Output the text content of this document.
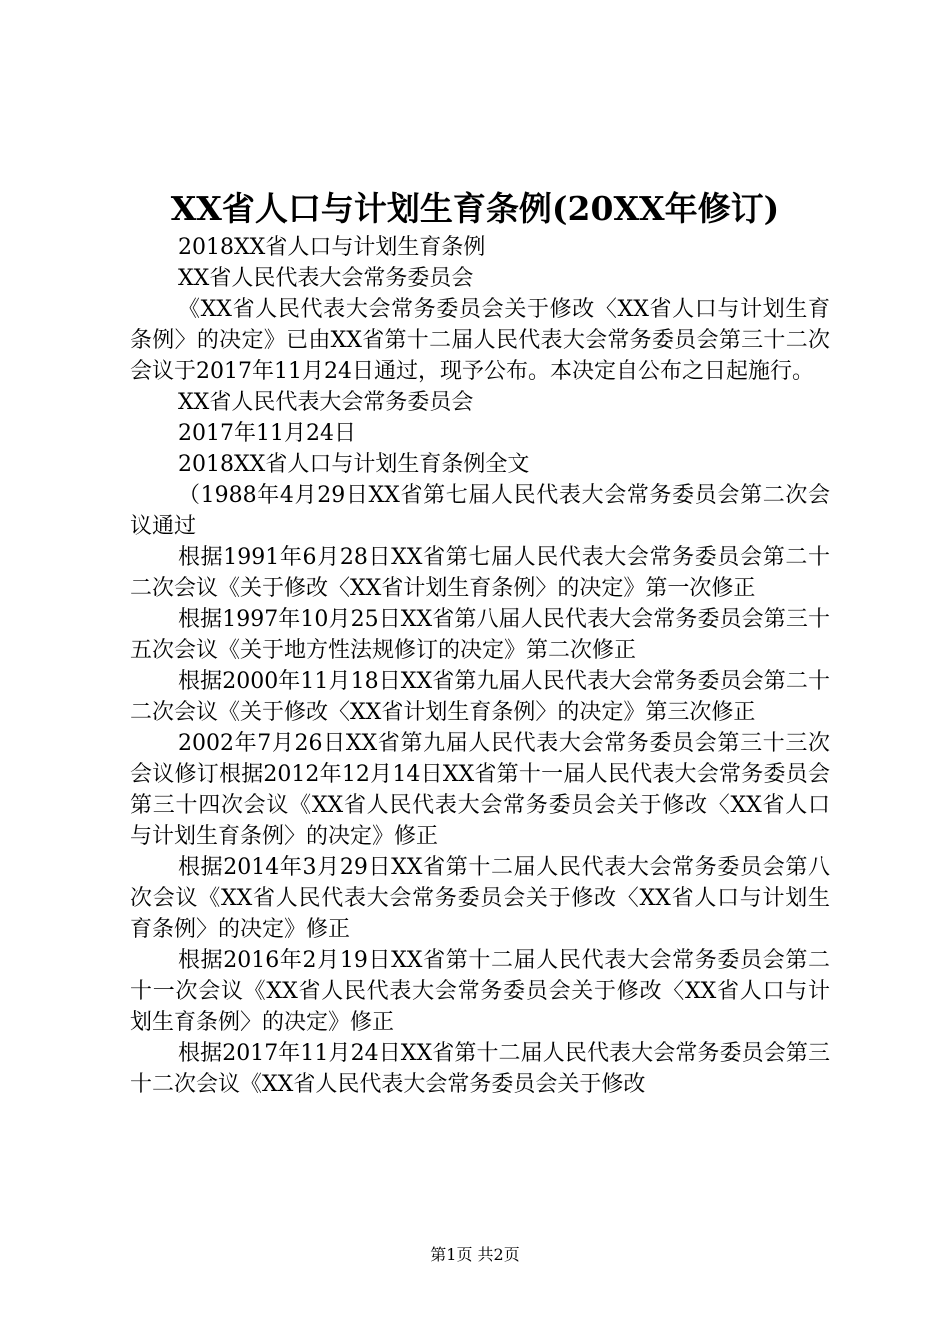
XX省人口与计划生育条例(20XX年修订)

2018XX省人口与计划生育条例

XX省人民代表大会常务委员会

《XX省人民代表大会常务委员会关于修改〈XX省人口与计划生育条例〉的决定》已由XX省第十二届人民代表大会常务委员会第三十二次会议于2017年11月24日通过，现予公布。本决定自公布之日起施行。

XX省人民代表大会常务委员会

2017年11月24日

2018XX省人口与计划生育条例全文

（1988年4月29日XX省第七届人民代表大会常务委员会第二次会议通过

根据1991年6月28日XX省第七届人民代表大会常务委员会第二十二次会议《关于修改〈XX省计划生育条例〉的决定》第一次修正

根据1997年10月25日XX省第八届人民代表大会常务委员会第三十五次会议《关于地方性法规修订的决定》第二次修正

根据2000年11月18日XX省第九届人民代表大会常务委员会第二十二次会议《关于修改〈XX省计划生育条例〉的决定》第三次修正

2002年7月26日XX省第九届人民代表大会常务委员会第三十三次会议修订根据2012年12月14日XX省第十一届人民代表大会常务委员会第三十四次会议《XX省人民代表大会常务委员会关于修改〈XX省人口与计划生育条例〉的决定》修正

根据2014年3月29日XX省第十二届人民代表大会常务委员会第八次会议《XX省人民代表大会常务委员会关于修改〈XX省人口与计划生育条例〉的决定》修正

根据2016年2月19日XX省第十二届人民代表大会常务委员会第二十一次会议《XX省人民代表大会常务委员会关于修改〈XX省人口与计划生育条例〉的决定》修正

根据2017年11月24日XX省第十二届人民代表大会常务委员会第三十二次会议《XX省人民代表大会常务委员会关于修改

第1页 共2页
